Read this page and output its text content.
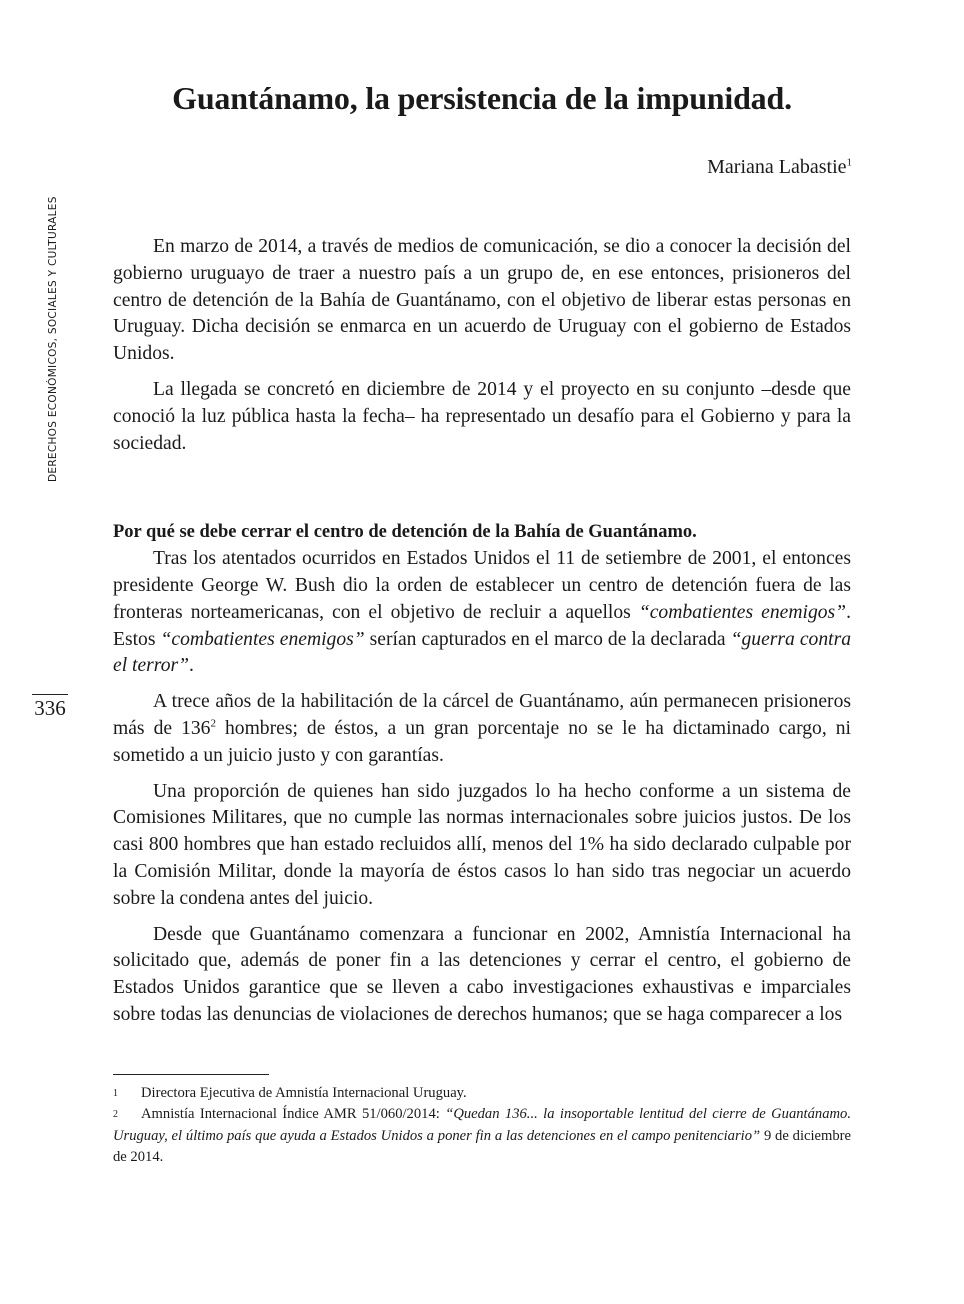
DERECHOS ECONÓMICOS, SOCIALES Y CULTURALES
336
Guantánamo, la persistencia de la impunidad.
Mariana Labastie$^1$

En marzo de 2014, a través de medios de comunicación, se dio a conocer la decisión del gobierno uruguayo de traer a nuestro país a un grupo de, en ese entonces, prisioneros del centro de detención de la Bahía de Guantánamo, con el objetivo de liberar estas personas en Uruguay. Dicha decisión se enmarca en un acuerdo de Uruguay con el gobierno de Estados Unidos.

La llegada se concretó en diciembre de 2014 y el proyecto en su conjunto –desde que conoció la luz pública hasta la fecha– ha representado un desafío para el Gobierno y para la sociedad.

Por qué se debe cerrar el centro de detención de la Bahía de Guantánamo.

Tras los atentados ocurridos en Estados Unidos el 11 de setiembre de 2001, el entonces presidente George W. Bush dio la orden de establecer un centro de detención fuera de las fronteras norteamericanas, con el objetivo de recluir a aquellos “combatientes enemigos”. Estos “combatientes enemigos” serían capturados en el marco de la declarada “guerra contra el terror”.

A trece años de la habilitación de la cárcel de Guantánamo, aún permanecen prisioneros más de $136^2$ hombres; de éstos, a un gran porcentaje no se le ha dictaminado cargo, ni sometido a un juicio justo y con garantías.

Una proporción de quienes han sido juzgados lo ha hecho conforme a un sistema de Comisiones Militares, que no cumple las normas internacionales sobre juicios justos. De los casi 800 hombres que han estado recluidos allí, menos del 1% ha sido declarado culpable por la Comisión Militar, donde la mayoría de éstos casos lo han sido tras negociar un acuerdo sobre la condena antes del juicio.

Desde que Guantánamo comenzara a funcionar en 2002, Amnistía Internacional ha solicitado que, además de poner fin a las detenciones y cerrar el centro, el gobierno de Estados Unidos garantice que se lleven a cabo investigaciones exhaustivas e imparciales sobre todas las denuncias de violaciones de derechos humanos; que se haga comparecer a los

1 Directora Ejecutiva de Amnistía Internacional Uruguay.

2 Amnistía Internacional Índice AMR 51/060/2014: “Quedan 136... la insoportable lentitud del cierre de Guantánamo. Uruguay, el último país que ayuda a Estados Unidos a poner fin a las detenciones en el campo penitenciario” 9 de diciembre de 2014.
